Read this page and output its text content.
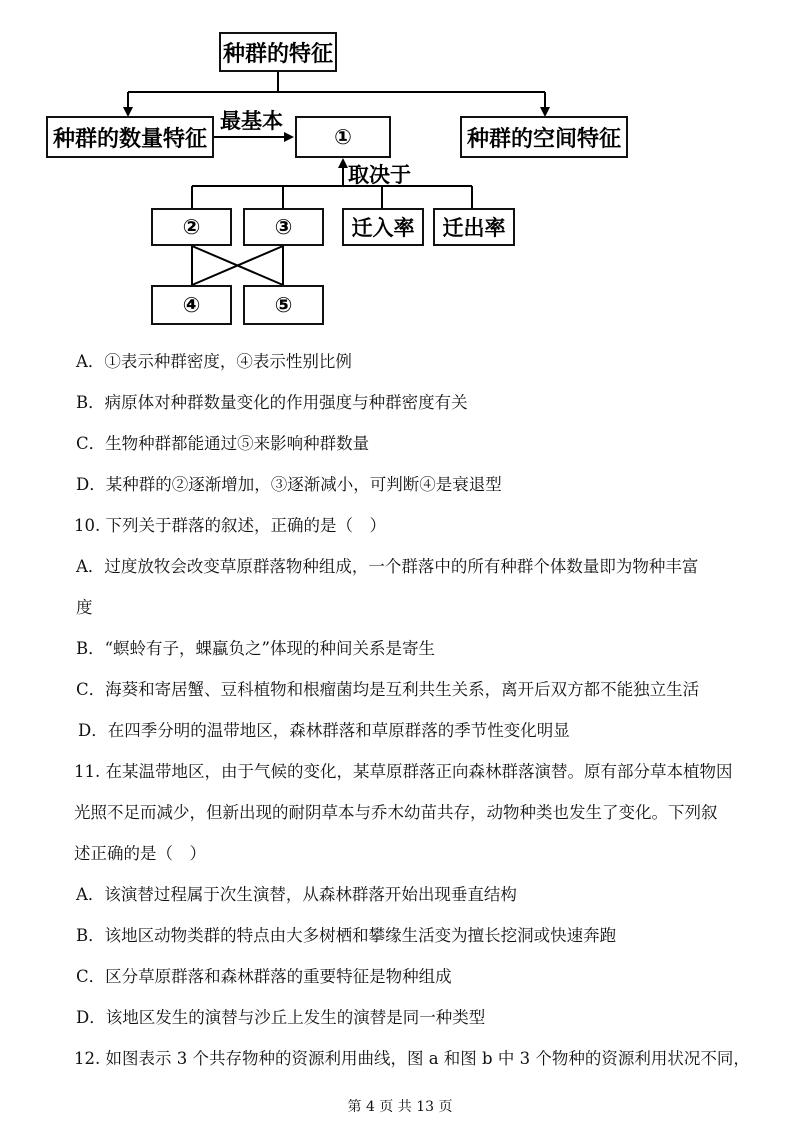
种群的特征
种群的数量特征	种群的空间特征
①
最基本
取决于
②	③	迁入率	迁出率
④	⑤
A．①表示种群密度，④表示性别比例
B．病原体对种群数量变化的作用强度与种群密度有关
C．生物种群都能通过⑤来影响种群数量
D．某种群的②逐渐增加，③逐渐减小，可判断④是衰退型
10. 下列关于群落的叙述，正确的是（　）
A．过度放牧会改变草原群落物种组成，一个群落中的所有种群个体数量即为物种丰富
度
B．“螟蛉有子，蜾蠃负之”体现的种间关系是寄生
C．海葵和寄居蟹、豆科植物和根瘤菌均是互利共生关系，离开后双方都不能独立生活
D．在四季分明的温带地区，森林群落和草原群落的季节性变化明显
11. 在某温带地区，由于气候的变化，某草原群落正向森林群落演替。原有部分草本植物因
光照不足而减少，但新出现的耐阴草本与乔木幼苗共存，动物种类也发生了变化。下列叙
述正确的是（　）
A．该演替过程属于次生演替，从森林群落开始出现垂直结构
B．该地区动物类群的特点由大多树栖和攀缘生活变为擅长挖洞或快速奔跑
C．区分草原群落和森林群落的重要特征是物种组成
D．该地区发生的演替与沙丘上发生的演替是同一种类型
12. 如图表示 3 个共存物种的资源利用曲线，图 a 和图 b 中 3 个物种的资源利用状况不同，
第 4 页 共 13 页
